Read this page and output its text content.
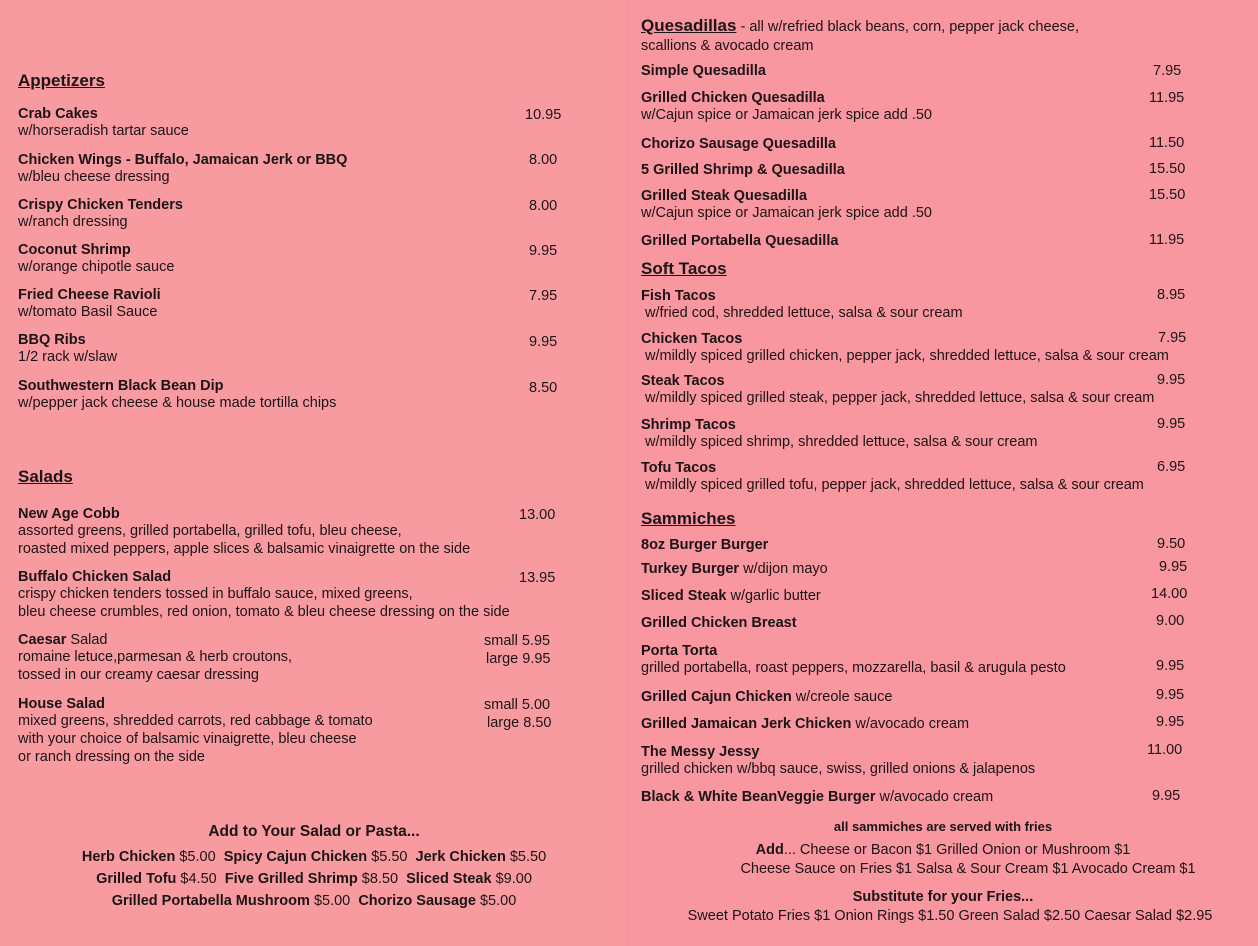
Appetizers
Crab Cakes
w/horseradish tartar sauce
10.95
Chicken Wings - Buffalo, Jamaican Jerk or BBQ
w/bleu cheese dressing
8.00
Crispy Chicken Tenders
w/ranch dressing
8.00
Coconut Shrimp
w/orange chipotle sauce
9.95
Fried Cheese Ravioli
w/tomato Basil Sauce
7.95
BBQ Ribs
1/2 rack w/slaw
9.95
Southwestern Black Bean Dip
w/pepper jack cheese & house made tortilla chips
8.50
Salads
New Age Cobb
assorted greens, grilled portabella, grilled tofu, bleu cheese,
roasted mixed peppers, apple slices & balsamic vinaigrette on the side
13.00
Buffalo Chicken Salad
crispy chicken tenders tossed in buffalo sauce, mixed greens,
bleu cheese crumbles, red onion, tomato & bleu cheese dressing on the side
13.95
Caesar Salad
romaine letuce,parmesan & herb croutons,
tossed in our creamy caesar dressing
small 5.95
large 9.95
House Salad
mixed greens, shredded carrots, red cabbage & tomato
with your choice of balsamic vinaigrette, bleu cheese
or ranch dressing on the side
small 5.00
large 8.50
Add to Your Salad or Pasta...
Herb Chicken $5.00 Spicy Cajun Chicken $5.50 Jerk Chicken $5.50
Grilled Tofu $4.50 Five Grilled Shrimp $8.50 Sliced Steak $9.00
Grilled Portabella Mushroom $5.00 Chorizo Sausage $5.00
Quesadillas - all w/refried black beans, corn, pepper jack cheese,
scallions & avocado cream
Simple Quesadilla	7.95
Grilled Chicken Quesadilla
w/Cajun spice or Jamaican jerk spice add .50
11.95
Chorizo Sausage Quesadilla	11.50
5 Grilled Shrimp & Quesadilla	15.50
Grilled Steak Quesadilla
w/Cajun spice or Jamaican jerk spice add .50
15.50
Grilled Portabella Quesadilla	11.95
Soft Tacos
Fish Tacos
w/fried cod, shredded lettuce, salsa & sour cream
8.95
Chicken Tacos
w/mildly spiced grilled chicken, pepper jack, shredded lettuce, salsa & sour cream
7.95
Steak Tacos
w/mildly spiced grilled steak, pepper jack, shredded lettuce, salsa & sour cream
9.95
Shrimp Tacos
w/mildly spiced shrimp, shredded lettuce, salsa & sour cream
9.95
Tofu Tacos
w/mildly spiced grilled tofu, pepper jack, shredded lettuce, salsa & sour cream
6.95
Sammiches
8oz Burger Burger	9.50
Turkey Burger w/dijon mayo	9.95
Sliced Steak w/garlic butter	14.00
Grilled Chicken Breast	9.00
Porta Torta
grilled portabella, roast peppers, mozzarella, basil & arugula pesto	9.95
Grilled Cajun Chicken w/creole sauce	9.95
Grilled Jamaican Jerk Chicken w/avocado cream	9.95
The Messy Jessy
grilled chicken w/bbq sauce, swiss, grilled onions & jalapenos
11.00
Black & White BeanVeggie Burger w/avocado cream	9.95
all sammiches are served with fries
Add... Cheese or Bacon $1 Grilled Onion or Mushroom $1
Cheese Sauce on Fries $1 Salsa & Sour Cream $1 Avocado Cream $1
Substitute for your Fries...
Sweet Potato Fries $1 Onion Rings $1.50 Green Salad $2.50 Caesar Salad $2.95
